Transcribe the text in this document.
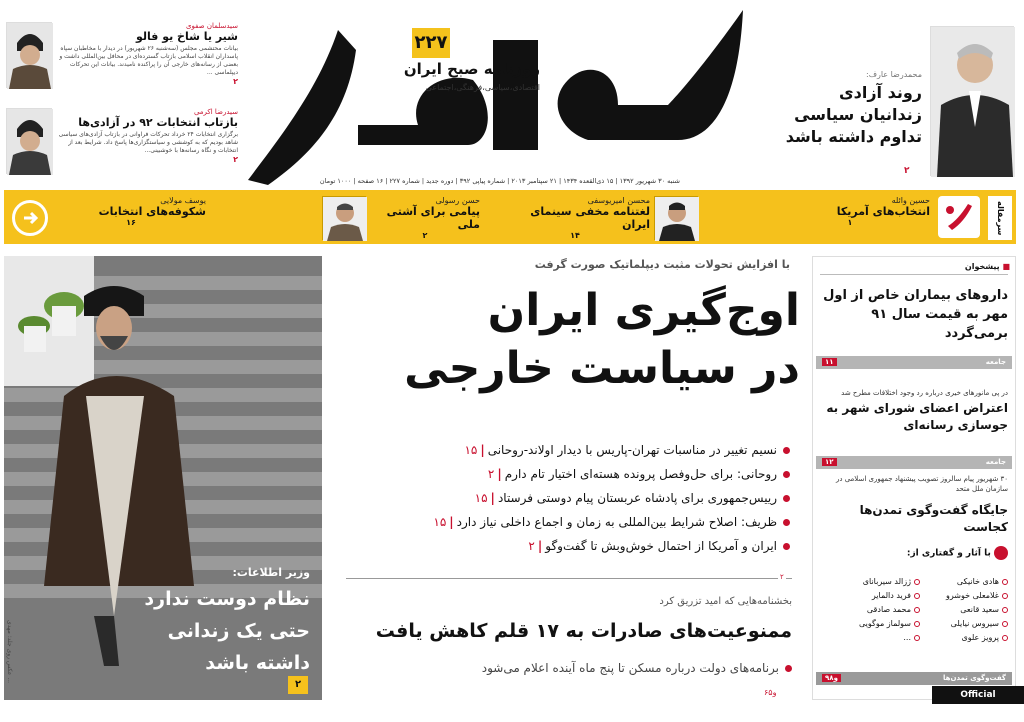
بهار
۲۲۷
روزنامه صبح ایران
اقتصادی،سیاسی،فرهنگی،اجتماعی
شنبه ۳۰ شهریور ۱۳۹۲ | ۱۵ ذی‌القعده ۱۴۳۴ | ۲۱ سپتامبر ۲۰۱۳ | شماره پیاپی ۳۹۲ | دوره جدید | شماره ۲۲۷ | ۱۶ صفحه | ۱۰۰۰ تومان
محمدرضا عارف:
روند آزادی زندانیان سیاسی تداوم داشته باشد
۲
سیدسلمان صفوی
شیر یا شاخ یو فالو
بیانات محتشمی مجلس (سه‌شنبه ۲۶ شهریور) در دیدار با مخاطبان سپاه پاسداران انقلاب اسلامی بازتاب گسترده‌ای در محافل بین‌المللی داشت و بعضی از رسانه‌های خارجی آن را پراکنده نامیدند. بیانات این تحرکات دیپلماسی ...
۲
سیدرضا اکرمی
بازتاب انتخابات ۹۲ در آزادی‌ها
برگزاری انتخابات ۲۴ خرداد تحرکات فراوانی در بازتاب آزادی‌های سیاسی شاهد بودیم که به کوششی و سیاستگزاری‌ها پاسخ داد. شرایط بعد از انتخابات و نگاه رسانه‌ها با خوشبینی...
۲
سرمقاله
حسین وائله
انتخاب‌های آمریکا
۱
محسن امیریوسفی
لغتنامه مخفی سینمای ایران
۱۴
حسن رسولی
پیامی برای آشتی ملی
۲
یوسف مولایی
شکوفه‌های انتخابات
۱۶
وزیر اطلاعات:
نظام دوست ندارد حتی یک زندانی داشته باشد
۲
عکس روی جلد: مهدی ...
با افزایش تحولات مثبت دیپلماتیک صورت گرفت
اوج‌گیری ایران
در سیاست خارجی
نسیم تغییر در مناسبات تهران-پاریس با دیدار اولاند-روحانی|۱۵
روحانی: برای حل‌وفصل پرونده هسته‌ای اختیار تام دارم|۲
رییس‌جمهوری برای پادشاه عربستان پیام دوستی فرستاد|۱۵
ظریف: اصلاح شرایط بین‌المللی به زمان و اجماع داخلی نیاز دارد|۱۵
ایران و آمریکا از احتمال خوش‌وبش تا گفت‌وگو|۲
۲
بخشنامه‌هایی که امید تزریق کرد
ممنوعیت‌های صادرات به ۱۷ قلم کاهش یافت
برنامه‌های دولت درباره مسکن تا پنج ماه آینده اعلام می‌شود
۶و۵
■ پیشخوان
داروهای بیماران خاص از اول مهر به قیمت سال ۹۱ برمی‌گردد
جامعه
۱۱
در پی مانورهای خیری درباره رد وجود اختلافات مطرح شد
اعتراض اعضای شورای شهر به جوسازی رسانه‌ای
جامعه
۱۲
۳۰ شهریور پیام سالروز تصویب پیشنهاد جمهوری اسلامی در سازمان ملل متحد
جایگاه گفت‌وگوی تمدن‌ها کجاست
با آثار و گفتاری از:
هادی خانیکیژزالد سیربانای
غلامعلی خوشروفرید دالمایر
سعید قانعیمحمد صادقی
سیروس نیایلیسولماز موگویی
پرویز علوی...
گفت‌وگوی تمدن‌ها
۹و۸
Official publication
